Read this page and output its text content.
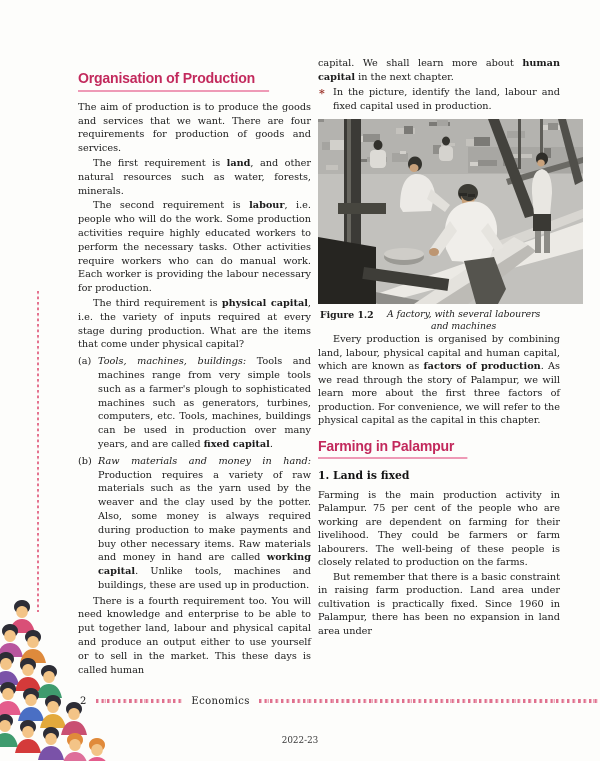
Organisation of Production

The aim of production is to produce the goods and services that we want. There are four requirements for production of goods and services.

The first requirement is land, and other natural resources such as water, forests, minerals.

The second requirement is labour, i.e. people who will do the work. Some production activities require highly educated workers to perform the necessary tasks. Other activities require workers who can do manual work. Each worker is providing the labour necessary for production.

The third requirement is physical capital, i.e. the variety of inputs required at every stage during production. What are the items that come under physical capital?

(a) Tools, machines, buildings: Tools and machines range from very simple tools such as a farmer's plough to sophisticated machines such as generators, turbines, computers, etc. Tools, machines, buildings can be used in production over many years, and are called fixed capital.
(b) Raw materials and money in hand: Production requires a variety of raw materials such as the yarn used by the weaver and the clay used by the potter. Also, some money is always required during production to make payments and buy other necessary items. Raw materials and money in hand are called working capital. Unlike tools, machines and buildings, these are used up in production.

There is a fourth requirement too. You will need knowledge and enterprise to be able to put together land, labour and physical capital and produce an output either to use yourself or to sell in the market. This these days is called human

capital. We shall learn more about human capital in the next chapter.

* In the picture, identify the land, labour and fixed capital used in production.
Figure 1.2	A factory, with several labourers and machines

Every production is organised by combining land, labour, physical capital and human capital, which are known as factors of production. As we read through the story of Palampur, we will learn more about the first three factors of production. For convenience, we will refer to the physical capital as the capital in this chapter.

Farming in Palampur
1. Land is fixed

Farming is the main production activity in Palampur. 75 per cent of the people who are working are dependent on farming for their livelihood. They could be farmers or farm labourers. The well-being of these people is closely related to production on the farms.

But remember that there is a basic constraint in raising farm production. Land area under cultivation is practically fixed. Since 1960 in Palampur, there has been no expansion in land area under

2	Economics
2022-23
